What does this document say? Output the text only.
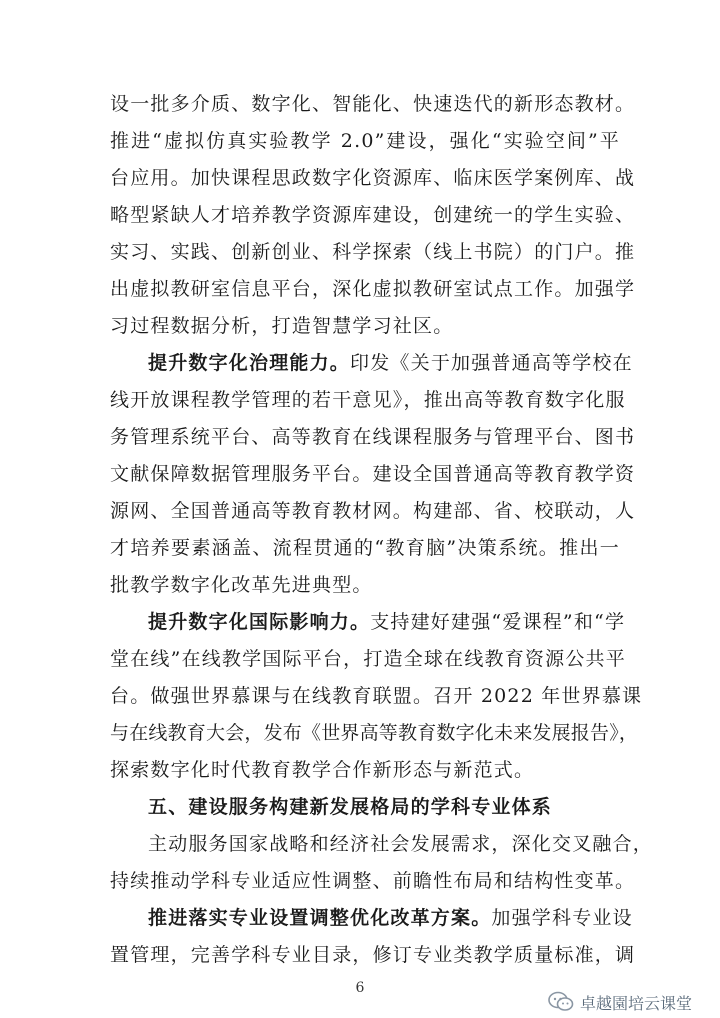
设一批多介质、数字化、智能化、快速迭代的新形态教材。
推进“虚拟仿真实验教学 2.0”建设，强化“实验空间”平
台应用。加快课程思政数字化资源库、临床医学案例库、战
略型紧缺人才培养教学资源库建设，创建统一的学生实验、
实习、实践、创新创业、科学探索（线上书院）的门户。推
出虚拟教研室信息平台，深化虚拟教研室试点工作。加强学
习过程数据分析，打造智慧学习社区。
提升数字化治理能力。印发《关于加强普通高等学校在
线开放课程教学管理的若干意见》，推出高等教育数字化服
务管理系统平台、高等教育在线课程服务与管理平台、图书
文献保障数据管理服务平台。建设全国普通高等教育教学资
源网、全国普通高等教育教材网。构建部、省、校联动，人
才培养要素涵盖、流程贯通的“教育脑”决策系统。推出一
批教学数字化改革先进典型。
提升数字化国际影响力。支持建好建强“爱课程”和“学
堂在线”在线教学国际平台，打造全球在线教育资源公共平
台。做强世界慕课与在线教育联盟。召开 2022 年世界慕课
与在线教育大会，发布《世界高等教育数字化未来发展报告》，
探索数字化时代教育教学合作新形态与新范式。
五、建设服务构建新发展格局的学科专业体系
主动服务国家战略和经济社会发展需求，深化交叉融合，
持续推动学科专业适应性调整、前瞻性布局和结构性变革。
推进落实专业设置调整优化改革方案。加强学科专业设
置管理，完善学科专业目录，修订专业类教学质量标准，调
6
卓越園培云课堂
